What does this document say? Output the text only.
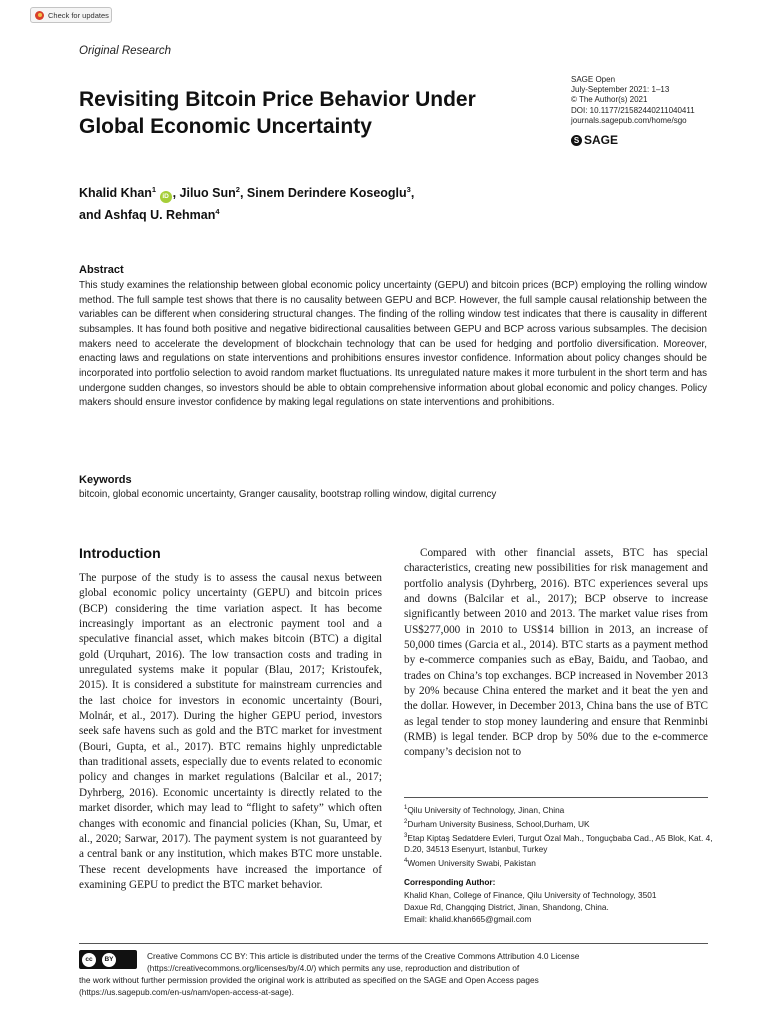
Check for updates
Original Research
Revisiting Bitcoin Price Behavior Under Global Economic Uncertainty
SAGE Open
July-September 2021: 1–13
© The Author(s) 2021
DOI: 10.1177/21582440211040411
journals.sagepub.com/home/sgo
S SAGE
Khalid Khan$^1$ iD , Jiluo Sun$^2$, Sinem Derindere Koseoglu$^3$,
and Ashfaq U. Rehman$^4$
Abstract

This study examines the relationship between global economic policy uncertainty (GEPU) and bitcoin prices (BCP) employing the rolling window method. The full sample test shows that there is no causality between GEPU and BCP. However, the full sample causal relationship between the variables can be different when considering structural changes. The finding of the rolling window test indicates that there is causality in different subsamples. It has found both positive and negative bidirectional causalities between GEPU and BCP across various subsamples. The decision makers need to accelerate the development of blockchain technology that can be used for hedging and portfolio diversification. Moreover, enacting laws and regulations on state interventions and prohibitions ensures investor confidence. Information about policy changes should be incorporated into portfolio selection to avoid random market fluctuations. Its unregulated nature makes it more turbulent in the short term and has undergone sudden changes, so investors should be able to obtain comprehensive information about global economic and policy changes. Policy makers should ensure investor confidence by making legal regulations on state interventions and prohibitions.

Keywords
bitcoin, global economic uncertainty, Granger causality, bootstrap rolling window, digital currency
Introduction

The purpose of the study is to assess the causal nexus between global economic policy uncertainty (GEPU) and bitcoin prices (BCP) considering the time variation aspect. It has become increasingly important as an electronic payment tool and a speculative financial asset, which makes bitcoin (BTC) a digital gold (Urquhart, 2016). The low transaction costs and trading in unregulated systems make it popular (Blau, 2017; Kristoufek, 2015). It is considered a substitute for mainstream currencies and the last choice for investors in economic uncertainty (Bouri, Molnár, et al., 2017). During the higher GEPU period, investors seek safe havens such as gold and the BTC market for investment (Bouri, Gupta, et al., 2017). BTC remains highly unpredictable than traditional assets, especially due to events related to economic policy and changes in market regulations (Balcilar et al., 2017; Dyhrberg, 2016). Economic uncertainty is directly related to the market disorder, which may lead to “flight to safety” which often changes with economic and financial policies (Khan, Su, Umar, et al., 2020; Sarwar, 2017). The payment system is not guaranteed by a central bank or any institution, which makes BTC more unstable. These recent developments have increased the importance of examining GEPU to predict the BTC market behavior.

Compared with other financial assets, BTC has special characteristics, creating new possibilities for risk management and portfolio analysis (Dyhrberg, 2016). BTC experiences several ups and downs (Balcilar et al., 2017); BCP observe to increase significantly between 2010 and 2013. The market value rises from US$277,000 in 2010 to US$14 billion in 2013, an increase of 50,000 times (Garcia et al., 2014). BTC starts as a payment method by e-commerce companies such as eBay, Baidu, and Taobao, and trades on China’s top exchanges. BCP increased in November 2013 by 20% because China entered the market and it beat the yen and the dollar. However, in December 2013, China bans the use of BTC as legal tender to stop money laundering and ensure that Renminbi (RMB) is legal tender. BCP drop by 50% due to the e-commerce company’s decision not to

$^1$Qilu University of Technology, Jinan, China
$^2$Durham University Business, School,Durham, UK
$^3$Etap Kiptaş Sedatdere Evleri, Turgut Özal Mah., Tonguçbaba Cad., A5 Blok, Kat. 4, D.20, 34513 Esenyurt, Istanbul, Turkey
$^4$Women University Swabi, Pakistan
Corresponding Author:
Khalid Khan, College of Finance, Qilu University of Technology, 3501
Daxue Rd, Changqing District, Jinan, Shandong, China.
Email: khalid.khan665@gmail.com
cc	BY	Creative Commons CC BY: This article is distributed under the terms of the Creative Commons Attribution 4.0 License
(https://creativecommons.org/licenses/by/4.0/) which permits any use, reproduction and distribution of
the work without further permission provided the original work is attributed as specified on the SAGE and Open Access pages
(https://us.sagepub.com/en-us/nam/open-access-at-sage).
